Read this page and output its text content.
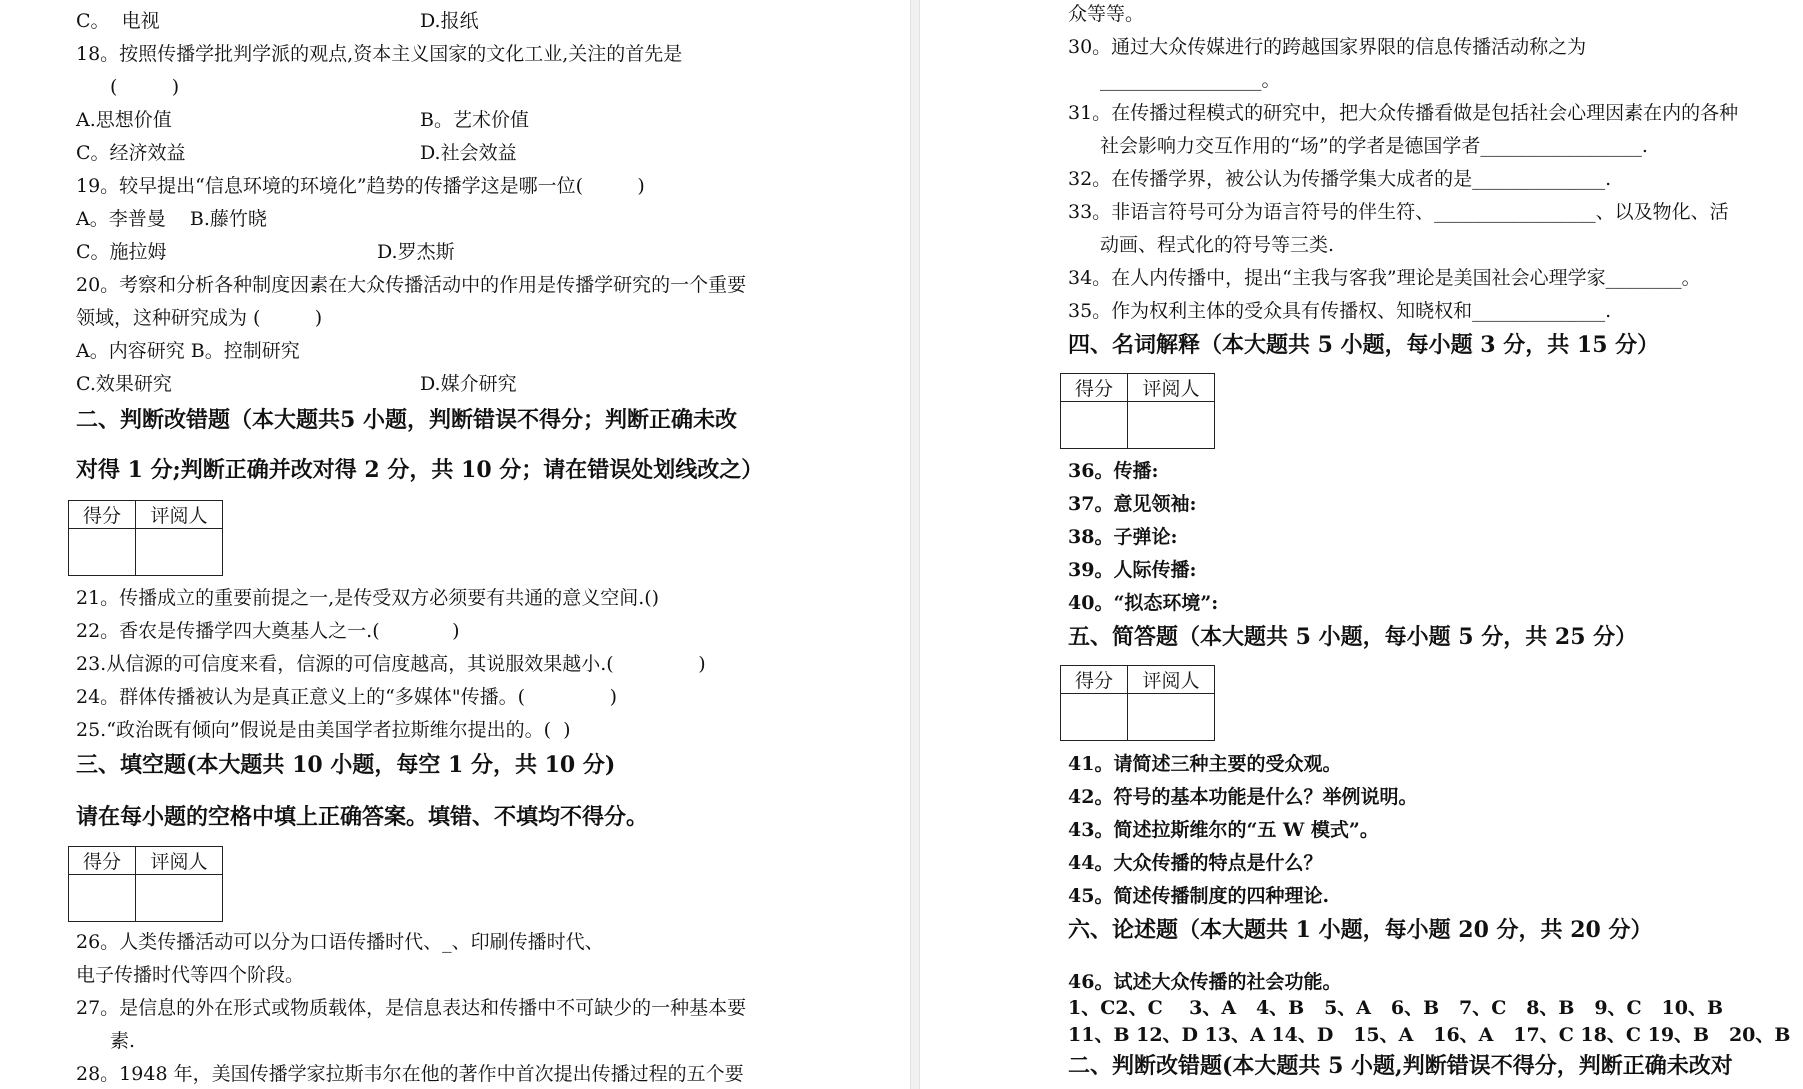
C。  电视	D.报纸
18。按照传播学批判学派的观点,资本主义国家的文化工业,关注的首先是
(         )
A.思想价值	B。艺术价值
C。经济效益	D.社会效益
19。较早提出“信息环境的环境化”趋势的传播学这是哪一位(         )
A。李普曼    B.藤竹晓
C。施拉姆	D.罗杰斯
20。考察和分析各种制度因素在大众传播活动中的作用是传播学研究的一个重要
领域，这种研究成为 (         )
A。内容研究 B。控制研究
C.效果研究	D.媒介研究
21。传播成立的重要前提之一,是传受双方必须要有共通的意义空间.()
22。香农是传播学四大奠基人之一.(            )
23.从信源的可信度来看，信源的可信度越高，其说服效果越小.(              )
24。群体传播被认为是真正意义上的“多媒体"传播。(              )
25.“政治既有倾向”假说是由美国学者拉斯维尔提出的。(  )
26。人类传播活动可以分为口语传播时代、_、印刷传播时代、
电子传播时代等四个阶段。
27。是信息的外在形式或物质载体，是信息表达和传播中不可缺少的一种基本要
素.
28。1948 年，美国传播学家拉斯韦尔在他的著作中首次提出传播过程的五个要
二、判断改错题（本大题共5 小题，判断错误不得分；判断正确未改
对得 1 分;判断正确并改对得 2 分，共 10 分；请在错误处划线改之）
三、填空题(本大题共 10 小题，每空 1 分，共 10 分)
请在每小题的空格中填上正确答案。填错、不填均不得分。
得分	评阅人

得分	评阅人

众等等。
30。通过大众传媒进行的跨越国家界限的信息传播活动称之为
_________________。
31。在传播过程模式的研究中，把大众传播看做是包括社会心理因素在内的各种
社会影响力交互作用的“场”的学者是德国学者_________________.
32。在传播学界，被公认为传播学集大成者的是______________.
33。非语言符号可分为语言符号的伴生符、_________________、以及物化、活
动画、程式化的符号等三类.
34。在人内传播中，提出“主我与客我”理论是美国社会心理学家________。
35。作为权利主体的受众具有传播权、知晓权和______________.
36。传播:
37。意见领袖:
38。子弹论:
39。人际传播:
40。“拟态环境”:
41。请简述三种主要的受众观。
42。符号的基本功能是什么？举例说明。
43。简述拉斯维尔的“五 W 模式”。
44。大众传播的特点是什么？
45。简述传播制度的四种理论.
46。试述大众传播的社会功能。
1、C2、C    3、A   4、B   5、A   6、B   7、C   8、B   9、C   10、B
11、B 12、D 13、A 14、D   15、A   16、A   17、C 18、C 19、B   20、B
四、名词解释（本大题共 5 小题，每小题 3 分，共 15 分）
五、简答题（本大题共 5 小题，每小题 5 分，共 25 分）
六、论述题（本大题共 1 小题，每小题 20 分，共 20 分）
二、判断改错题(本大题共 5 小题,判断错误不得分，判断正确未改对
得分	评阅人

得分	评阅人
